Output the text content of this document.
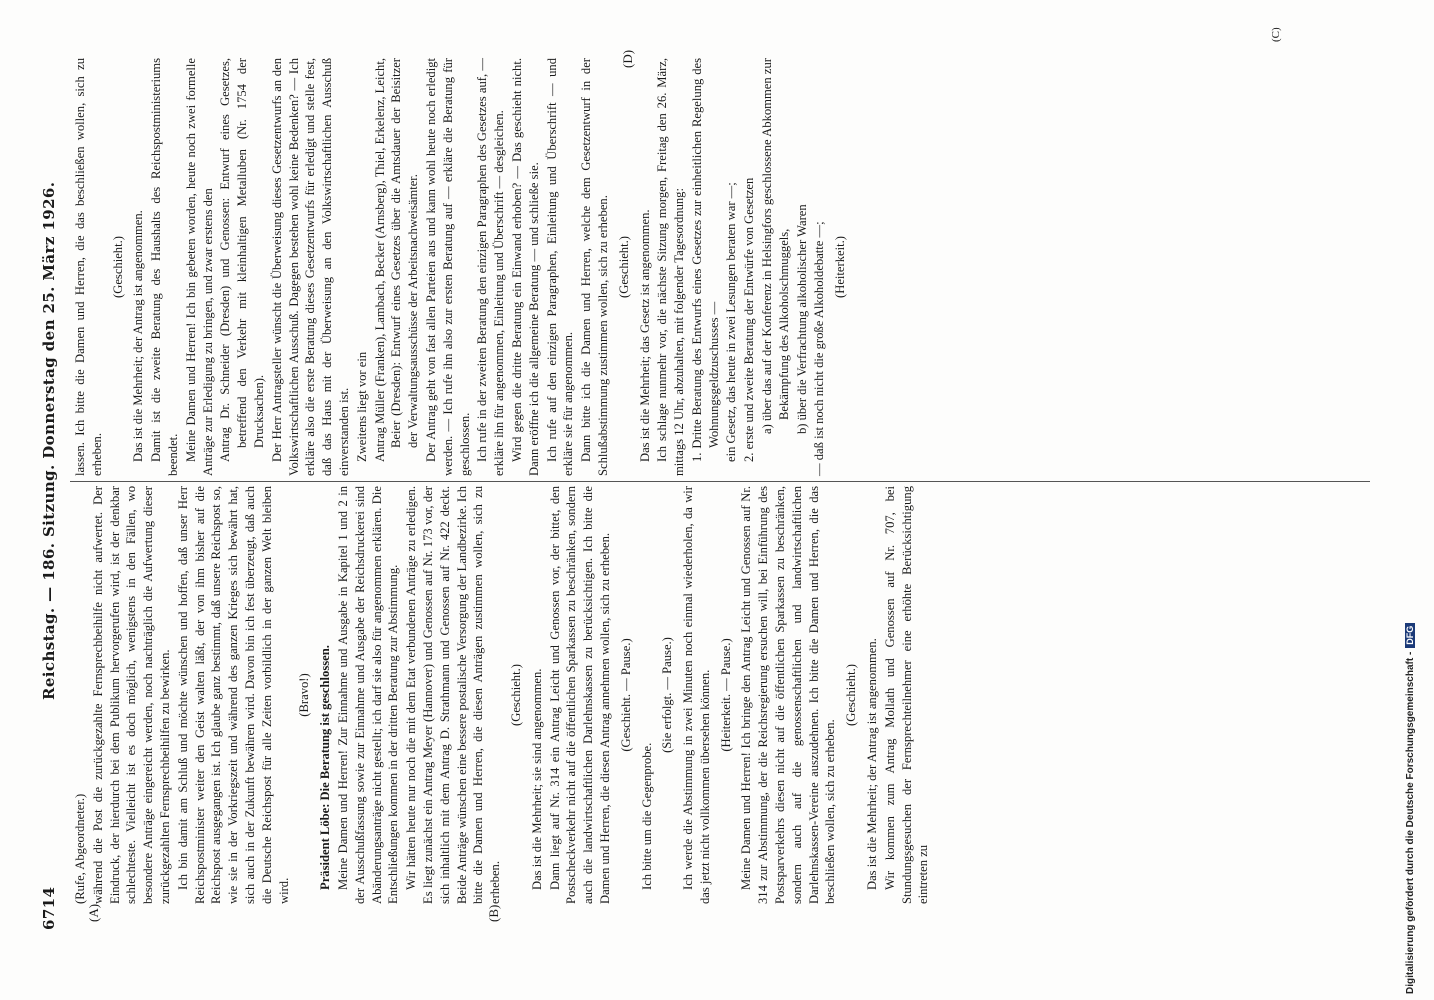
6714
Reichstag. — 186. Sitzung. Donnerstag den 25. März 1926.
(A)	(B)
(C)
(D)

(Rufe, Abgeordneter.) während die Post die zurückgezahlte Fernsprechbeihilfe nicht aufwertet. Der Eindruck, der hierdurch bei dem Publikum hervorgerufen wird, ist der denkbar schlechteste. Vielleicht ist es doch möglich, wenigstens in den Fällen, wo besondere Anträge eingereicht werden, noch nachträglich die Aufwertung dieser zurückgezahlten Fernsprechbeihilfen zu bewirken. Ich bin damit am Schluß und möchte wünschen und hoffen, daß unser Herr Reichspostminister weiter den Geist walten läßt, der von ihm bisher auf die Reichspost ausgegangen ist. Ich glaube ganz bestimmt, daß unsere Reichspost so, wie sie in der Vorkriegszeit und während des ganzen Krieges sich bewährt hat, sich auch in der Zukunft bewähren wird. Davon bin ich fest überzeugt, daß auch die Deutsche Reichspost für alle Zeiten vorbildlich in der ganzen Welt bleiben wird.

(Bravo!) Präsident Löbe: Die Beratung ist geschlossen. Meine Damen und Herren! Zur Einnahme und Ausgabe in Kapitel 1 und 2 in der Ausschußfassung sowie zur Einnahme und Ausgabe der Reichsdruckerei sind Abänderungsanträge nicht gestellt; ich darf sie also für angenommen erklären. Die Entschließungen kommen in der dritten Beratung zur Abstimmung. Wir hätten heute nur noch die mit dem Etat verbundenen Anträge zu erledigen. Es liegt zunächst ein Antrag Meyer (Hannover) und Genossen auf Nr. 173 vor, der sich inhaltlich mit dem Antrag D. Strathmann und Genossen auf Nr. 422 deckt. Beide Anträge wünschen eine bessere postalische Versorgung der Landbezirke. Ich bitte die Damen und Herren, die diesen Anträgen zustimmen wollen, sich zu erheben.

(Geschieht.) Das ist die Mehrheit; sie sind angenommen. Dann liegt auf Nr. 314 ein Antrag Leicht und Genossen vor, der bittet, den Postscheckverkehr nicht auf die öffentlichen Sparkassen zu beschränken, sondern auch die landwirtschaftlichen Darlehnskassen zu berücksichtigen. Ich bitte die Damen und Herren, die diesen Antrag annehmen wollen, sich zu erheben. (Geschieht. — Pause.)

Ich bitte um die Gegenprobe.

(Sie erfolgt. — Pause.) Ich werde die Abstimmung in zwei Minuten noch einmal wiederholen, da wir das jetzt nicht vollkommen übersehen können. (Heiterkeit. — Pause.) Meine Damen und Herren! Ich bringe den Antrag Leicht und Genossen auf Nr. 314 zur Abstimmung, der die Reichsregierung ersuchen will, bei Einführung des Postsparverkehrs diesen nicht auf die öffentlichen Sparkassen zu beschränken, sondern auch auf die genossenschaftlichen und landwirtschaftlichen Darlehnskassen-Vereine auszudehnen. Ich bitte die Damen und Herren, die das beschließen wollen, sich zu erheben.

(Geschieht.) Das ist die Mehrheit; der Antrag ist angenommen. Wir kommen zum Antrag Mollath und Genossen auf Nr. 707, bei Stundungsgesuchen der Fernsprechteilnehmer eine erhöhte Berücksichtigung eintreten zu

lassen. Ich bitte die Damen und Herren, die das beschließen wollen, sich zu erheben.

(Geschieht.) Das ist die Mehrheit; der Antrag ist angenommen. Damit ist die zweite Beratung des Haushalts des Reichspostministeriums beendet. Meine Damen und Herren! Ich bin gebeten worden, heute noch zwei formelle Anträge zur Erledigung zu bringen, und zwar erstens den Antrag Dr. Schneider (Dresden) und Genossen: Entwurf eines Gesetzes, betreffend den Verkehr mit kleinhaltigen Metalluben (Nr. 1754 der Drucksachen). Der Herr Antragsteller wünscht die Überweisung dieses Gesetzentwurfs an den Volkswirtschaftlichen Ausschuß. Dagegen bestehen wohl keine Bedenken? — Ich erkläre also die erste Beratung dieses Gesetzentwurfs für erledigt und stelle fest, daß das Haus mit der Überweisung an den Volkswirtschaftlichen Ausschuß einverstanden ist. Zweitens liegt vor ein Antrag Müller (Franken), Lambach, Becker (Arnsberg), Thiel, Erkelenz, Leicht, Beier (Dresden): Entwurf eines Gesetzes über die Amtsdauer der Beisitzer der Verwaltungsausschüsse der Arbeitsnachweisämter. Der Antrag geht von fast allen Parteien aus und kann wohl heute noch erledigt werden. — Ich rufe ihn also zur ersten Beratung auf — erkläre die Beratung für geschlossen. Ich rufe in der zweiten Beratung den einzigen Paragraphen des Gesetzes auf, — erkläre ihn für angenommen, Einleitung und Überschrift — desgleichen. Wird gegen die dritte Beratung ein Einwand erhoben? — Das geschieht nicht. Dann eröffne ich die allgemeine Beratung — und schließe sie. Ich rufe auf den einzigen Paragraphen, Einleitung und Überschrift — und erkläre sie für angenommen. Dann bitte ich die Damen und Herren, welche dem Gesetzentwurf in der Schlußabstimmung zustimmen wollen, sich zu erheben. (Geschieht.) Das ist die Mehrheit; das Gesetz ist angenommen. Ich schlage nunmehr vor, die nächste Sitzung morgen, Freitag den 26. März, mittags 12 Uhr, abzuhalten, mit folgender Tagesordnung: 1. Dritte Beratung des Entwurfs eines Gesetzes zur einheitlichen Regelung des Wohnungsgeldzuschusses — ein Gesetz, das heute in zwei Lesungen beraten war —; 2. erste und zweite Beratung der Entwürfe von Gesetzen a) über das auf der Konferenz in Helsingfors geschlossene Abkommen zur Bekämpfung des Alkoholschmuggels, b) über die Verfrachtung alkoholischer Waren — daß ist noch nicht die große Alkoholdebatte —; (Heiterkeit.)

Digitalisierung gefördert durch die Deutsche Forschungsgemeinschaft -DFG
